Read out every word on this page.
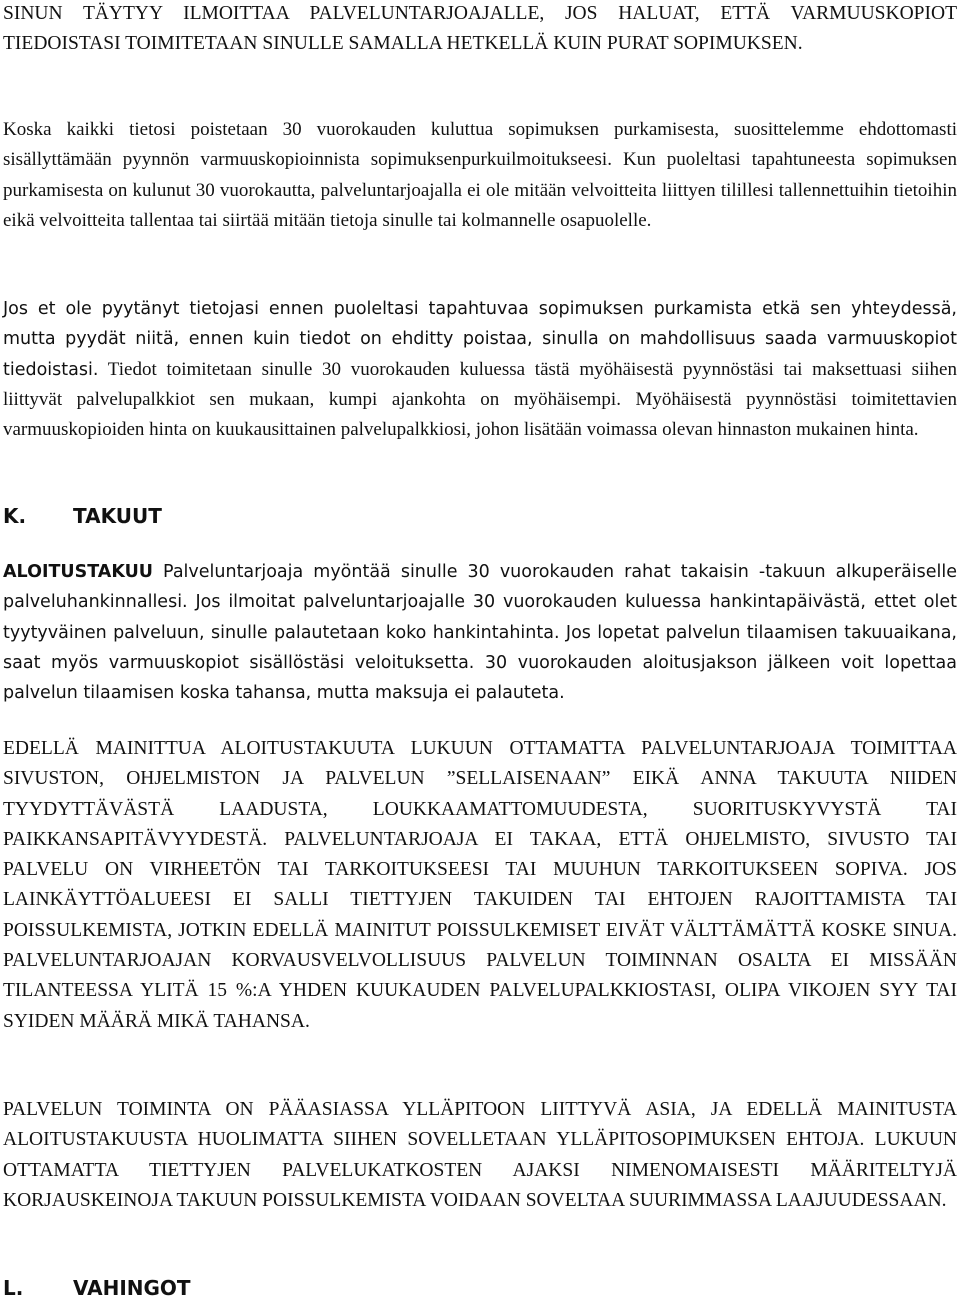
SINUN TÄYTYY ILMOITTAA PALVELUNTARJOAJALLE, JOS HALUAT, ETTÄ VARMUUSKOPIOT TIEDOISTASI TOIMITETAAN SINULLE SAMALLA HETKELLÄ KUIN PURAT SOPIMUKSEN.

Koska kaikki tietosi poistetaan 30 vuorokauden kuluttua sopimuksen purkamisesta, suosittelemme ehdottomasti sisällyttämään pyynnön varmuuskopioinnista sopimuksenpurkuilmoitukseesi. Kun puoleltasi tapahtuneesta sopimuksen purkamisesta on kulunut 30 vuorokautta, palveluntarjoajalla ei ole mitään velvoitteita liittyen tilillesi tallennettuihin tietoihin eikä velvoitteita tallentaa tai siirtää mitään tietoja sinulle tai kolmannelle osapuolelle.

Jos et ole pyytänyt tietojasi ennen puoleltasi tapahtuvaa sopimuksen purkamista etkä sen yhteydessä, mutta pyydät niitä, ennen kuin tiedot on ehditty poistaa, sinulla on mahdollisuus saada varmuuskopiot tiedoistasi. Tiedot toimitetaan sinulle 30 vuorokauden kuluessa tästä myöhäisestä pyynnöstäsi tai maksettuasi siihen liittyvät palvelupalkkiot sen mukaan, kumpi ajankohta on myöhäisempi. Myöhäisestä pyynnöstäsi toimitettavien varmuuskopioiden hinta on kuukausittainen palvelupalkkiosi, johon lisätään voimassa olevan hinnaston mukainen hinta.

K. TAKUUT

ALOITUSTAKUU Palveluntarjoaja myöntää sinulle 30 vuorokauden rahat takaisin -takuun alkuperäiselle palveluhankinnallesi. Jos ilmoitat palveluntarjoajalle 30 vuorokauden kuluessa hankintapäivästä, ettet olet tyytyväinen palveluun, sinulle palautetaan koko hankintahinta. Jos lopetat palvelun tilaamisen takuuaikana, saat myös varmuuskopiot sisällöstäsi veloituksetta. 30 vuorokauden aloitusjakson jälkeen voit lopettaa palvelun tilaamisen koska tahansa, mutta maksuja ei palauteta.

EDELLÄ MAINITTUA ALOITUSTAKUUTA LUKUUN OTTAMATTA PALVELUNTARJOAJA TOIMITTAA SIVUSTON, OHJELMISTON JA PALVELUN ”SELLAISENAAN” EIKÄ ANNA TAKUUTA NIIDEN TYYDYTTÄVÄSTÄ LAADUSTA, LOUKKAAMATTOMUUDESTA, SUORITUSKYVYSTÄ TAI PAIKKANSAPITÄVYYDESTÄ. PALVELUNTARJOAJA EI TAKAA, ETTÄ OHJELMISTO, SIVUSTO TAI PALVELU ON VIRHEETÖN TAI TARKOITUKSEESI TAI MUUHUN TARKOITUKSEEN SOPIVA. JOS LAINKÄYTTÖALUEESI EI SALLI TIETTYJEN TAKUIDEN TAI EHTOJEN RAJOITTAMISTA TAI POISSULKEMISTA, JOTKIN EDELLÄ MAINITUT POISSULKEMISET EIVÄT VÄLTTÄMÄTTÄ KOSKE SINUA. PALVELUNTARJOAJAN KORVAUSVELVOLLISUUS PALVELUN TOIMINNAN OSALTA EI MISSÄÄN TILANTEESSA YLITÄ 15 %:A YHDEN KUUKAUDEN PALVELUPALKKIOSTASI, OLIPA VIKOJEN SYY TAI SYIDEN MÄÄRÄ MIKÄ TAHANSA.

PALVELUN TOIMINTA ON PÄÄASIASSA YLLÄPITOON LIITTYVÄ ASIA, JA EDELLÄ MAINITUSTA ALOITUSTAKUUSTA HUOLIMATTA SIIHEN SOVELLETAAN YLLÄPITOSOPIMUKSEN EHTOJA. LUKUUN OTTAMATTA TIETTYJEN PALVELUKATKOSTEN AJAKSI NIMENOMAISESTI MÄÄRITELTYJÄ KORJAUSKEINOJA TAKUUN POISSULKEMISTA VOIDAAN SOVELTAA SUURIMMASSA LAAJUUDESSAAN.

L. VAHINGOT
